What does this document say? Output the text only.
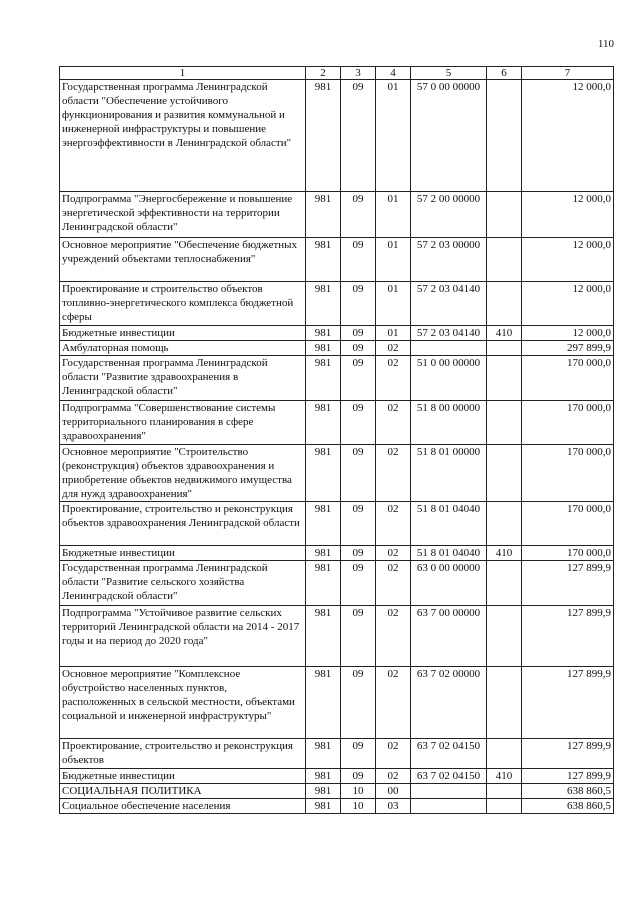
110
1	2	3	4	5	6	7
Государственная программа Ленинградской области "Обеспечение устойчивого функционирования и развития коммунальной и инженерной инфраструктуры и повышение энергоэффективности в Ленинградской области"	981	09	01	57 0 00 00000		12 000,0
Подпрограмма "Энергосбережение и повышение энергетической эффективности на территории Ленинградской области"	981	09	01	57 2 00 00000		12 000,0
Основное мероприятие "Обеспечение бюджетных учреждений объектами теплоснабжения"	981	09	01	57 2 03 00000		12 000,0
Проектирование и строительство объектов топливно-энергетического комплекса бюджетной сферы	981	09	01	57 2 03 04140		12 000,0
Бюджетные инвестиции	981	09	01	57 2 03 04140	410	12 000,0
Амбулаторная помощь	981	09	02			297 899,9
Государственная программа Ленинградской области "Развитие здравоохранения в Ленинградской области"	981	09	02	51 0 00 00000		170 000,0
Подпрограмма "Совершенствование системы территориального планирования в сфере здравоохранения"	981	09	02	51 8 00 00000		170 000,0
Основное мероприятие "Строительство (реконструкция) объектов здравоохранения и приобретение объектов недвижимого имущества для нужд здравоохранения"	981	09	02	51 8 01 00000		170 000,0
Проектирование, строительство и реконструкция объектов здравоохранения Ленинградской области	981	09	02	51 8 01 04040		170 000,0
Бюджетные инвестиции	981	09	02	51 8 01 04040	410	170 000,0
Государственная программа Ленинградской области "Развитие сельского хозяйства Ленинградской области"	981	09	02	63 0 00 00000		127 899,9
Подпрограмма "Устойчивое развитие сельских территорий Ленинградской области на 2014 - 2017 годы и на период до 2020 года"	981	09	02	63 7 00 00000		127 899,9
Основное мероприятие "Комплексное обустройство населенных пунктов, расположенных в сельской местности, объектами социальной и инженерной инфраструктуры"	981	09	02	63 7 02 00000		127 899,9
Проектирование, строительство и реконструкция объектов	981	09	02	63 7 02 04150		127 899,9
Бюджетные инвестиции	981	09	02	63 7 02 04150	410	127 899,9
СОЦИАЛЬНАЯ ПОЛИТИКА	981	10	00			638 860,5
Социальное обеспечение населения	981	10	03			638 860,5
